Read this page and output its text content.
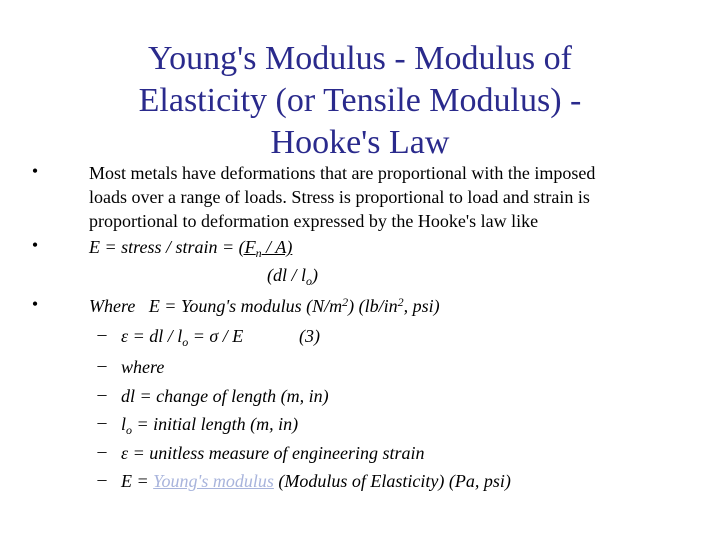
Young's Modulus - Modulus of Elasticity (or Tensile Modulus) - Hooke's Law
•	Most metals have deformations that are proportional with the imposed
loads over a range of loads. Stress is proportional to load and strain is
proportional to deformation expressed by the Hooke's law like
•	E = stress / strain = $(F_n / A)$
$(dl / l_o)$
•	Where   E = Young's modulus $(N/m^2)$ ($lb/in^2$, psi)
– ε = dl / $l_o = \sigma / E$	(3)
– where
– dl = change of length (m, in)
– $l_o$ = initial length (m, in)
– ε = unitless measure of engineering strain
– E = Young's modulus (Modulus of Elasticity) (Pa, psi)
